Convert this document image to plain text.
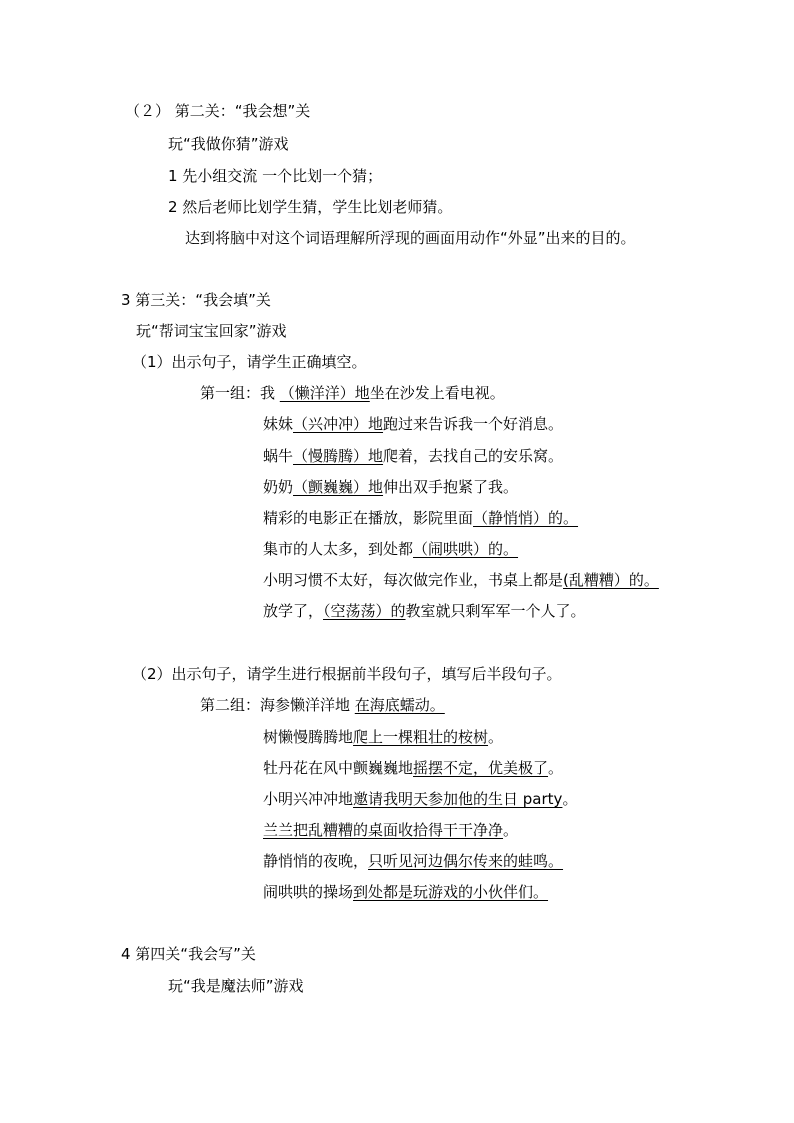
（２） 第二关：“我会想”关
玩“我做你猜”游戏
1 先小组交流 一个比划一个猜；
2 然后老师比划学生猜，学生比划老师猜。
达到将脑中对这个词语理解所浮现的画面用动作“外显”出来的目的。
3 第三关：“我会填”关
玩“帮词宝宝回家”游戏
（1）出示句子，请学生正确填空。
第一组：我 （懒洋洋）地坐在沙发上看电视。
妹妹（兴冲冲）地跑过来告诉我一个好消息。
蜗牛（慢腾腾）地爬着，去找自己的安乐窝。
奶奶（颤巍巍）地伸出双手抱紧了我。
精彩的电影正在播放，影院里面（静悄悄）的。
集市的人太多，到处都（闹哄哄）的。
小明习惯不太好，每次做完作业，书桌上都是(乱糟糟）的。
放学了，（空荡荡）的教室就只剩军军一个人了。
（2）出示句子，请学生进行根据前半段句子，填写后半段句子。
第二组：海参懒洋洋地 在海底蠕动。
树懒慢腾腾地爬上一棵粗壮的桉树。
牡丹花在风中颤巍巍地摇摆不定，优美极了。
小明兴冲冲地邀请我明天参加他的生日 party。
兰兰把乱糟糟的桌面收拾得干干净净。
静悄悄的夜晚，只听见河边偶尔传来的蛙鸣。
闹哄哄的操场到处都是玩游戏的小伙伴们。
4 第四关“我会写”关
玩“我是魔法师”游戏
